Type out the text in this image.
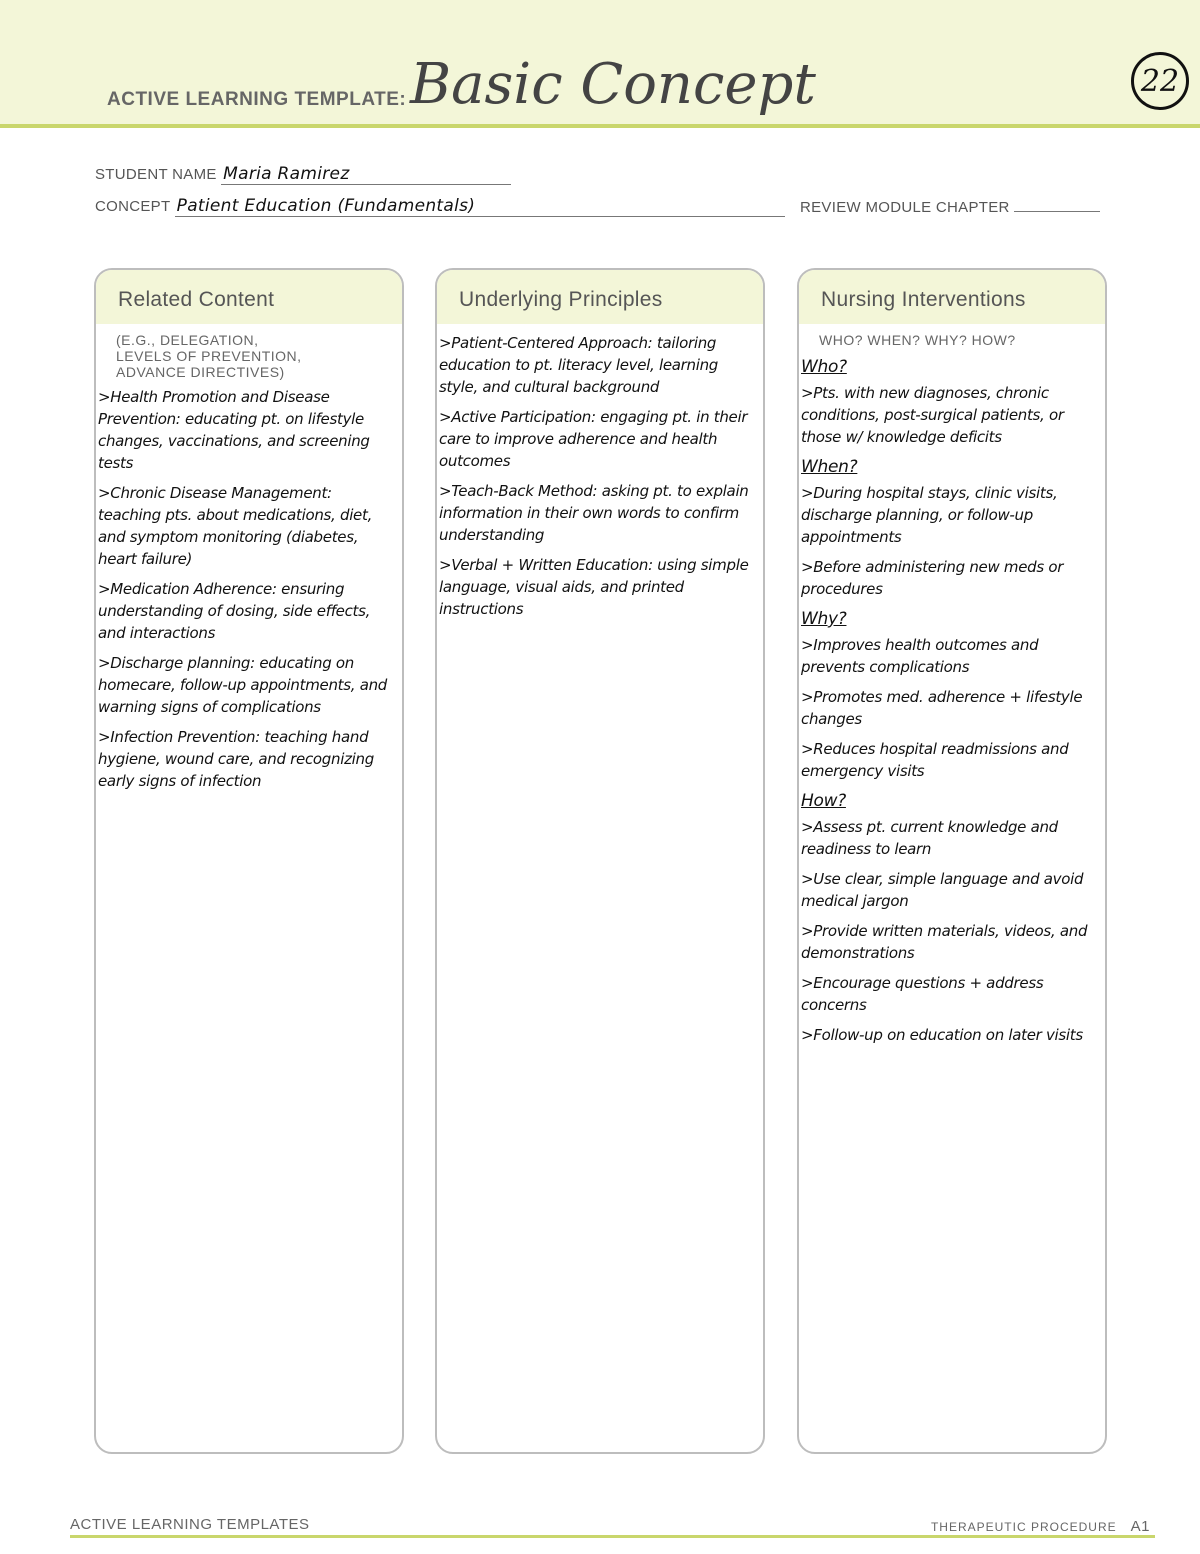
ACTIVE LEARNING TEMPLATE: Basic Concept	22
STUDENT NAME Maria Ramirez
CONCEPT Patient Education (Fundamentals)	REVIEW MODULE CHAPTER
Related Content
(E.G., DELEGATION, LEVELS OF PREVENTION, ADVANCE DIRECTIVES)
>Health Promotion and Disease Prevention: educating pt. on lifestyle changes, vaccinations, and screening tests
>Chronic Disease Management: teaching pts. about medications, diet, and symptom monitoring (diabetes, heart failure)
>Medication Adherence: ensuring understanding of dosing, side effects, and interactions
>Discharge planning: educating on homecare, follow-up appointments, and warning signs of complications
>Infection Prevention: teaching hand hygiene, wound care, and recognizing early signs of infection
Underlying Principles
>Patient-Centered Approach: tailoring education to pt. literacy level, learning style, and cultural background
>Active Participation: engaging pt. in their care to improve adherence and health outcomes
>Teach-Back Method: asking pt. to explain information in their own words to confirm understanding
>Verbal + Written Education: using simple language, visual aids, and printed instructions
Nursing Interventions
WHO? WHEN? WHY? HOW?
Who?
>Pts. with new diagnoses, chronic conditions, post-surgical patients, or those w/ knowledge deficits
When?
>During hospital stays, clinic visits, discharge planning, or follow-up appointments
>Before administering new meds or procedures
Why?
>Improves health outcomes and prevents complications
>Promotes med. adherence + lifestyle changes
>Reduces hospital readmissions and emergency visits
How?
>Assess pt. current knowledge and readiness to learn
>Use clear, simple language and avoid medical jargon
>Provide written materials, videos, and demonstrations
>Encourage questions + address concerns
>Follow-up on education on later visits
ACTIVE LEARNING TEMPLATES	THERAPEUTIC PROCEDURE A1
